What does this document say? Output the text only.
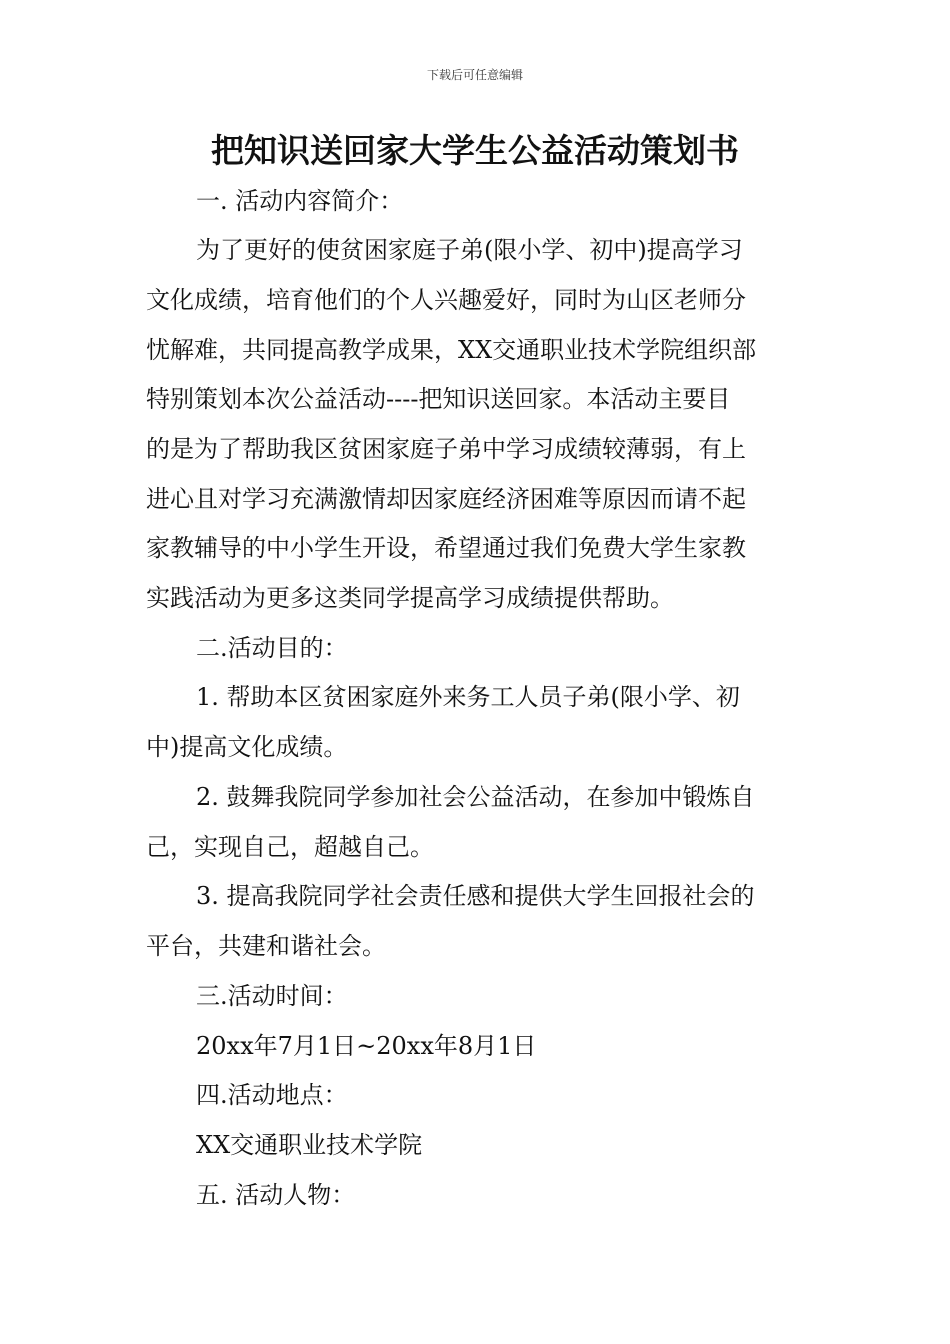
下载后可任意编辑
把知识送回家大学生公益活动策划书
一. 活动内容简介：
为了更好的使贫困家庭子弟(限小学、初中)提高学习
文化成绩，培育他们的个人兴趣爱好，同时为山区老师分
忧解难，共同提高教学成果，XX交通职业技术学院组织部
特别策划本次公益活动----把知识送回家。本活动主要目
的是为了帮助我区贫困家庭子弟中学习成绩较薄弱，有上
进心且对学习充满激情却因家庭经济困难等原因而请不起
家教辅导的中小学生开设，希望通过我们免费大学生家教
实践活动为更多这类同学提高学习成绩提供帮助。
二.活动目的：
1. 帮助本区贫困家庭外来务工人员子弟(限小学、初
中)提高文化成绩。
2. 鼓舞我院同学参加社会公益活动，在参加中锻炼自
己，实现自己，超越自己。
3. 提高我院同学社会责任感和提供大学生回报社会的
平台，共建和谐社会。
三.活动时间：
20xx年7月1日~20xx年8月1日
四.活动地点：
XX交通职业技术学院
五. 活动人物：
